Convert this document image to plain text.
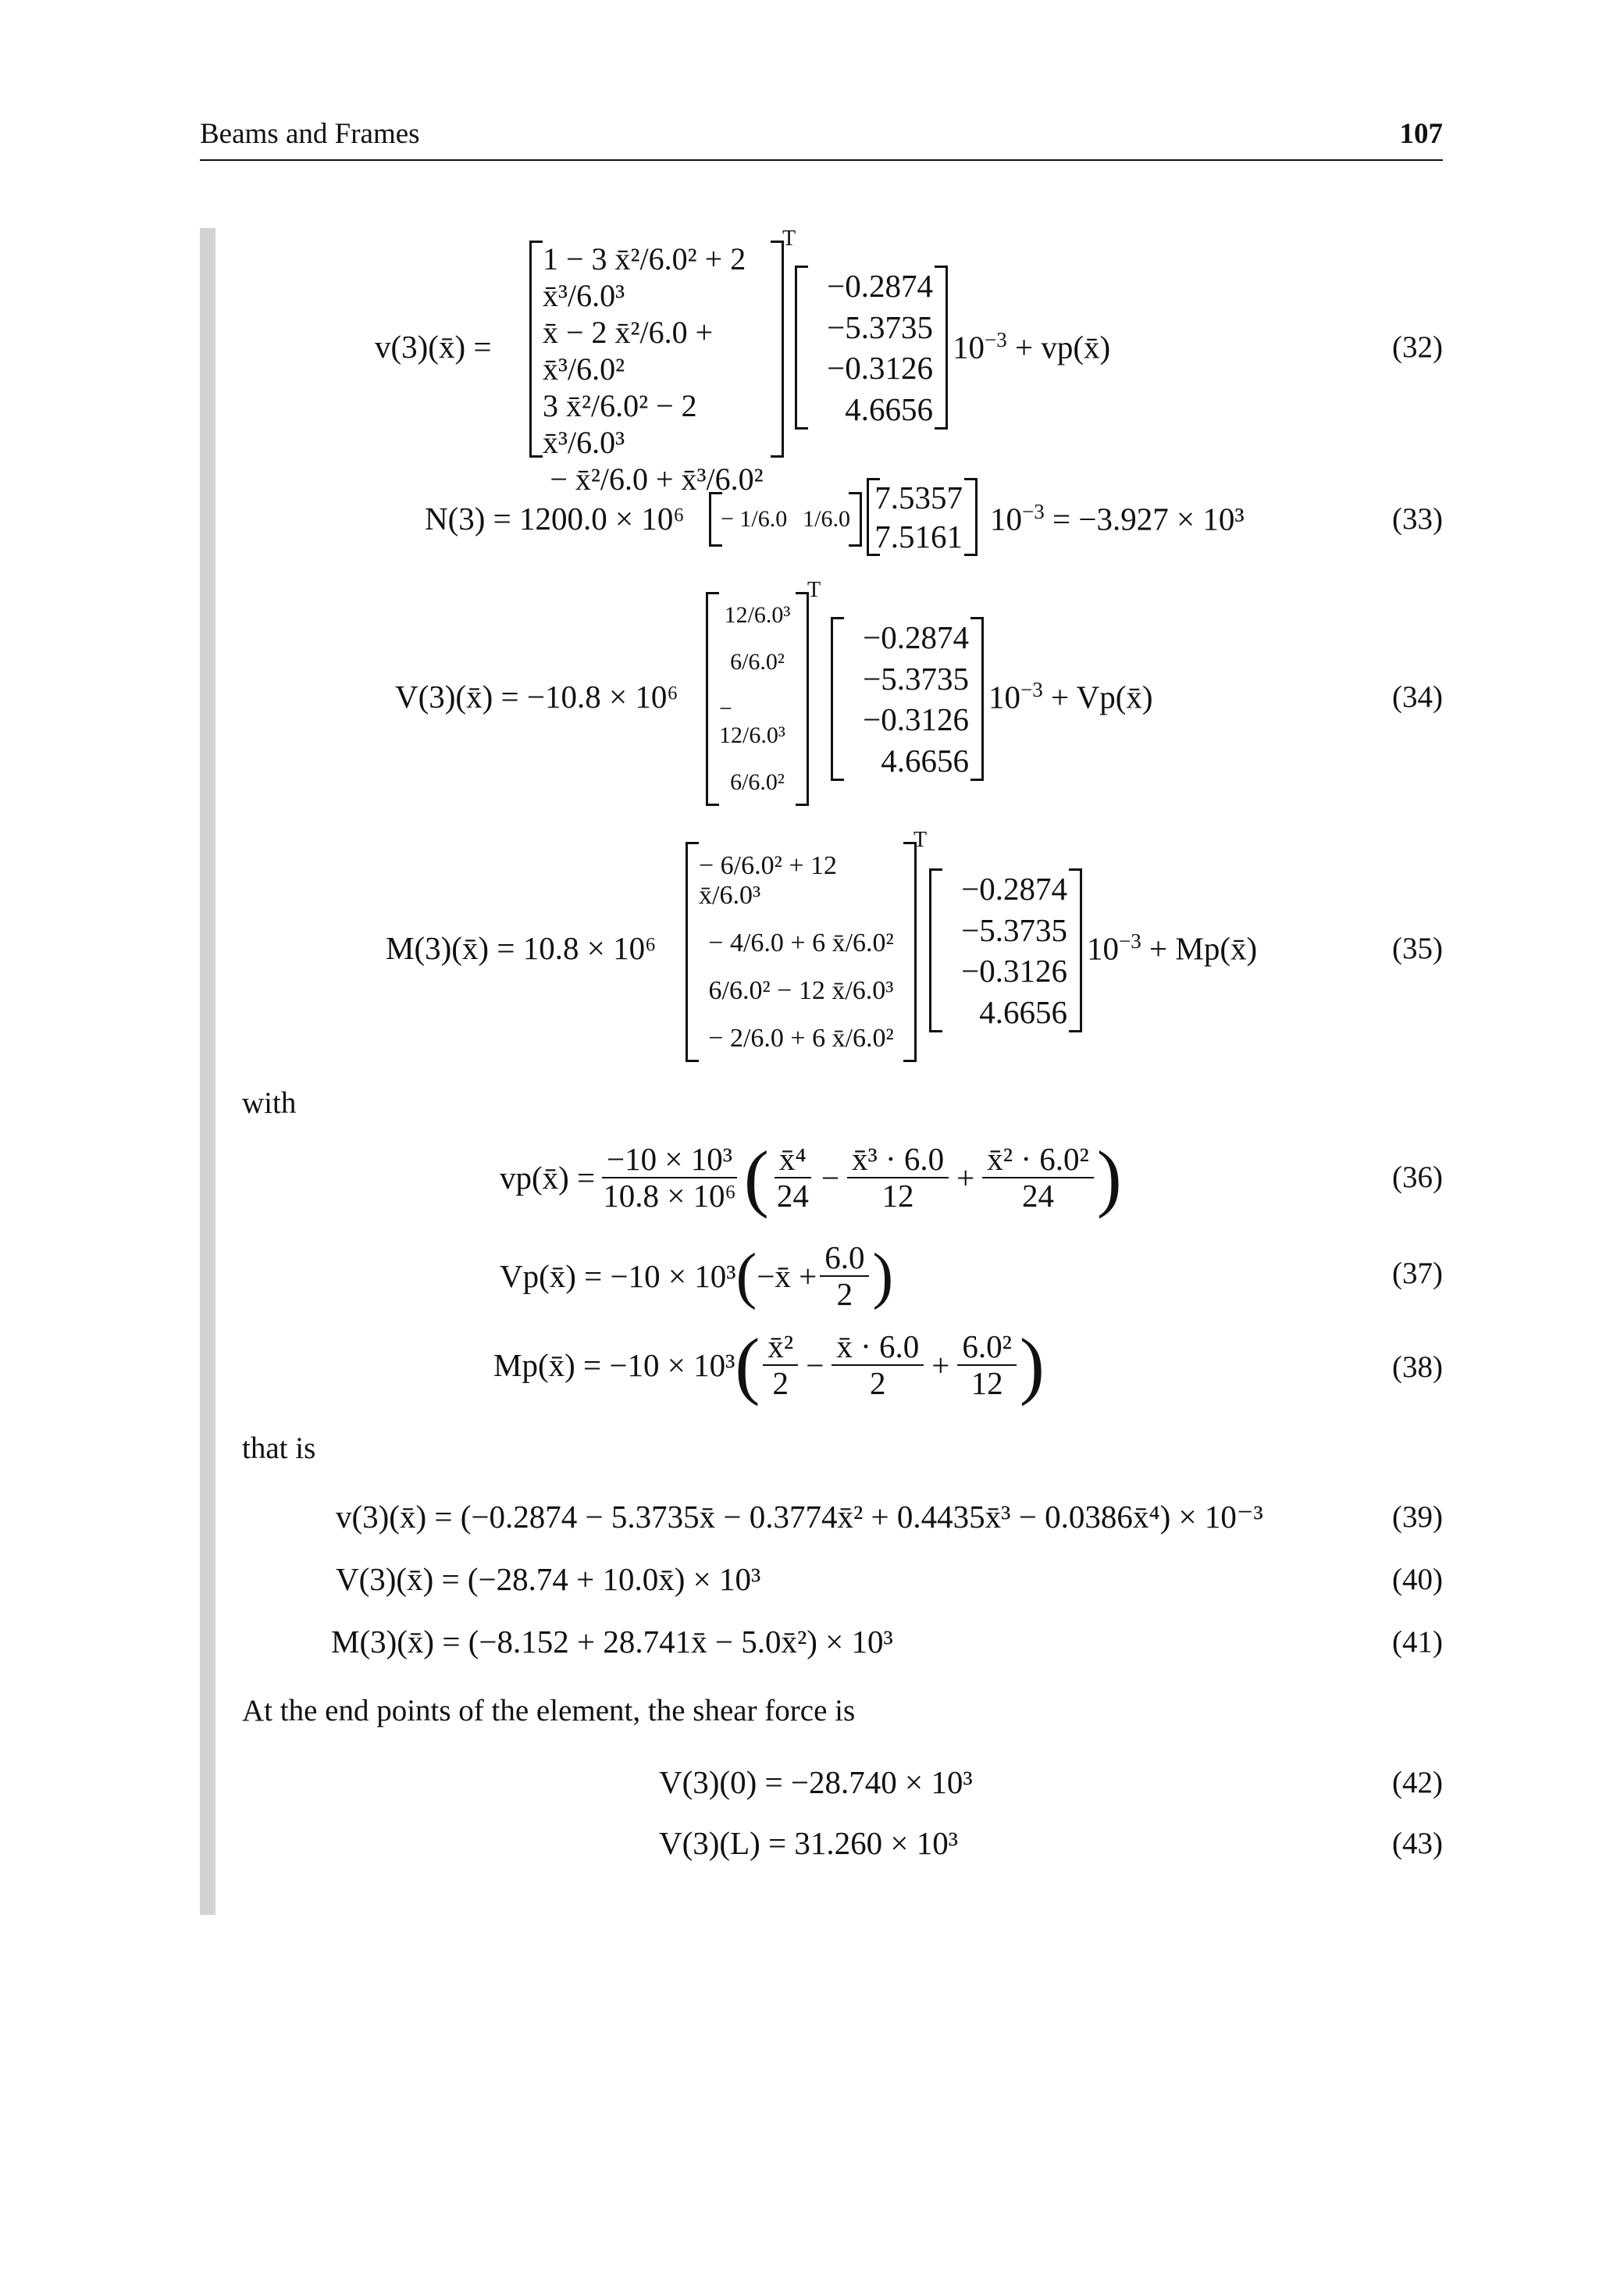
Beams and Frames	107
v(3)(x̄) =
1 − 3 x̄²/6.0² + 2 x̄³/6.0³
x̄ − 2 x̄²/6.0 + x̄³/6.0²
3 x̄²/6.0² − 2 x̄³/6.0³
− x̄²/6.0 + x̄³/6.0²
T
−0.2874
−5.3735
−0.3126
4.6656
$10^{-3}$ + vp(x̄)	(32)
N(3) = 1200.0 × 10⁶ − 1/6.0 1/6.0
7.5357
7.5161 $10^{-3} = -3.927 \times 10^3$	(33)
V(3)(x̄) = −10.8 × 10⁶
12/6.0³
6/6.0²
− 12/6.0³
6/6.0²
T
−0.2874
−5.3735
−0.3126
4.6656
$10^{-3}$ + Vp(x̄)	(34)
M(3)(x̄) = 10.8 × 10⁶
− 6/6.0² + 12 x̄/6.0³
− 4/6.0 + 6 x̄/6.0²
6/6.0² − 12 x̄/6.0³
− 2/6.0 + 6 x̄/6.0²
T
−0.2874
−5.3735
−0.3126
4.6656
$10^{-3}$ + Mp(x̄)	(35)
with
vp(x̄) = $\frac{\text{−10 × 10³}}{\text{10.8 × 10⁶}}$ ( $\frac{\text{x̄⁴}}{24} - \frac{\text{x̄³ · 6.0}}{12} + \frac{\text{x̄² · 6.0²}}{24}$ )	(36)
Vp(x̄) = −10 × 10³ ( −x̄ + $\frac{6.0}{2}$ )	(37)
Mp(x̄) = −10 × 10³ ( $\frac{\text{x̄²}}{2} - \frac{x̄ \cdot 6.0}{2} + \frac{\text{6.0²}}{12}$ )	(38)
that is
v(3)(x̄) = (−0.2874 − 5.3735x̄ − 0.3774x̄² + 0.4435x̄³ − 0.0386x̄⁴) × 10⁻³	(39)
V(3)(x̄) = (−28.74 + 10.0x̄) × 10³	(40)
M(3)(x̄) = (−8.152 + 28.741x̄ − 5.0x̄²) × 10³	(41)
At the end points of the element, the shear force is
V(3)(0) = −28.740 × 10³	(42)
V(3)(L) = 31.260 × 10³	(43)
